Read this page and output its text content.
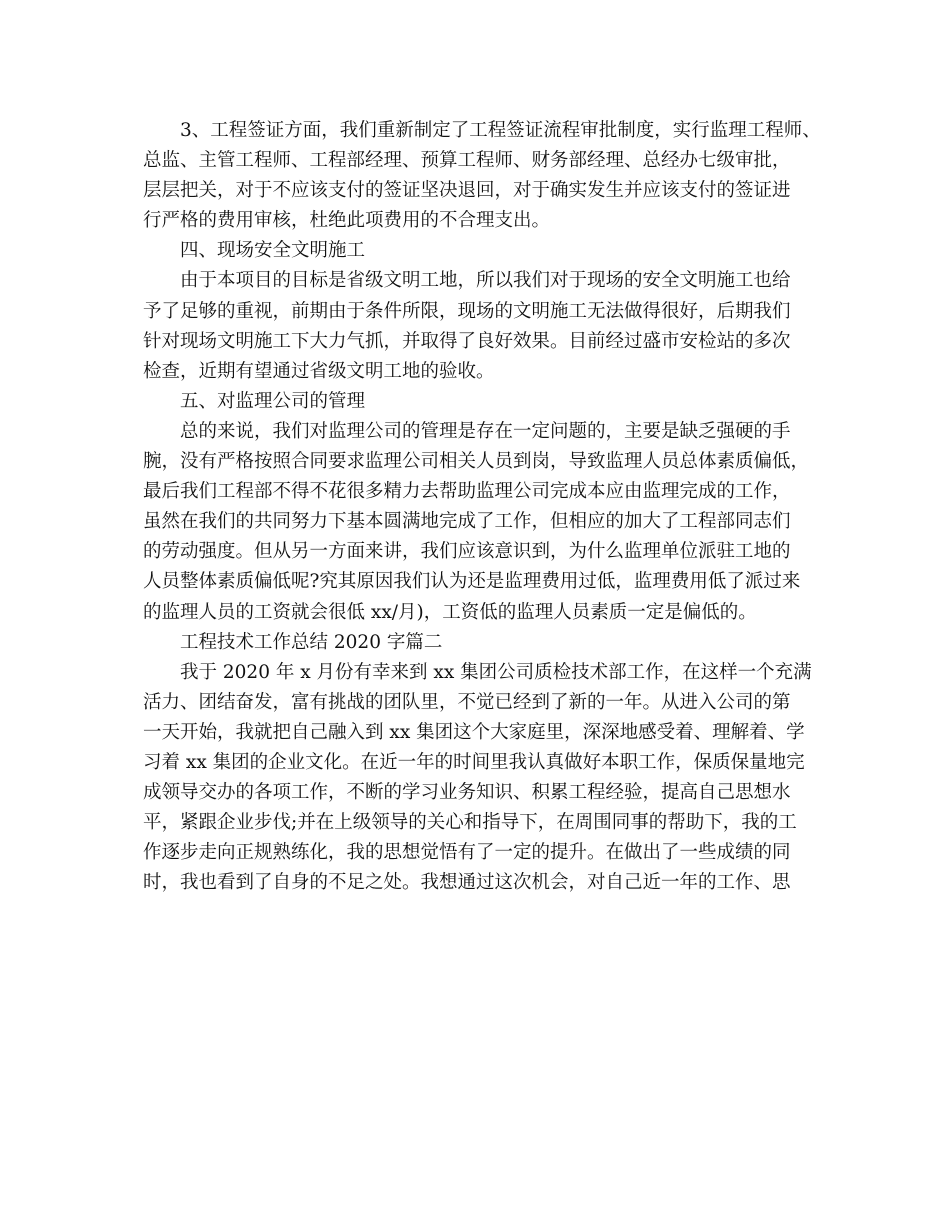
3、工程签证方面，我们重新制定了工程签证流程审批制度，实行监理工程师、
总监、主管工程师、工程部经理、预算工程师、财务部经理、总经办七级审批，
层层把关，对于不应该支付的签证坚决退回，对于确实发生并应该支付的签证进
行严格的费用审核，杜绝此项费用的不合理支出。
四、现场安全文明施工
由于本项目的目标是省级文明工地，所以我们对于现场的安全文明施工也给
予了足够的重视，前期由于条件所限，现场的文明施工无法做得很好，后期我们
针对现场文明施工下大力气抓，并取得了良好效果。目前经过盛市安检站的多次
检查，近期有望通过省级文明工地的验收。
五、对监理公司的管理
总的来说，我们对监理公司的管理是存在一定问题的，主要是缺乏强硬的手
腕，没有严格按照合同要求监理公司相关人员到岗，导致监理人员总体素质偏低，
最后我们工程部不得不花很多精力去帮助监理公司完成本应由监理完成的工作，
虽然在我们的共同努力下基本圆满地完成了工作，但相应的加大了工程部同志们
的劳动强度。但从另一方面来讲，我们应该意识到，为什么监理单位派驻工地的
人员整体素质偏低呢?究其原因我们认为还是监理费用过低，监理费用低了派过来
的监理人员的工资就会很低 xx/月)，工资低的监理人员素质一定是偏低的。
工程技术工作总结 2020 字篇二
我于 2020 年 x 月份有幸来到 xx 集团公司质检技术部工作，在这样一个充满
活力、团结奋发，富有挑战的团队里，不觉已经到了新的一年。从进入公司的第
一天开始，我就把自己融入到 xx 集团这个大家庭里，深深地感受着、理解着、学
习着 xx 集团的企业文化。在近一年的时间里我认真做好本职工作，保质保量地完
成领导交办的各项工作，不断的学习业务知识、积累工程经验，提高自己思想水
平，紧跟企业步伐;并在上级领导的关心和指导下，在周围同事的帮助下，我的工
作逐步走向正规熟练化，我的思想觉悟有了一定的提升。在做出了一些成绩的同
时，我也看到了自身的不足之处。我想通过这次机会，对自己近一年的工作、思
